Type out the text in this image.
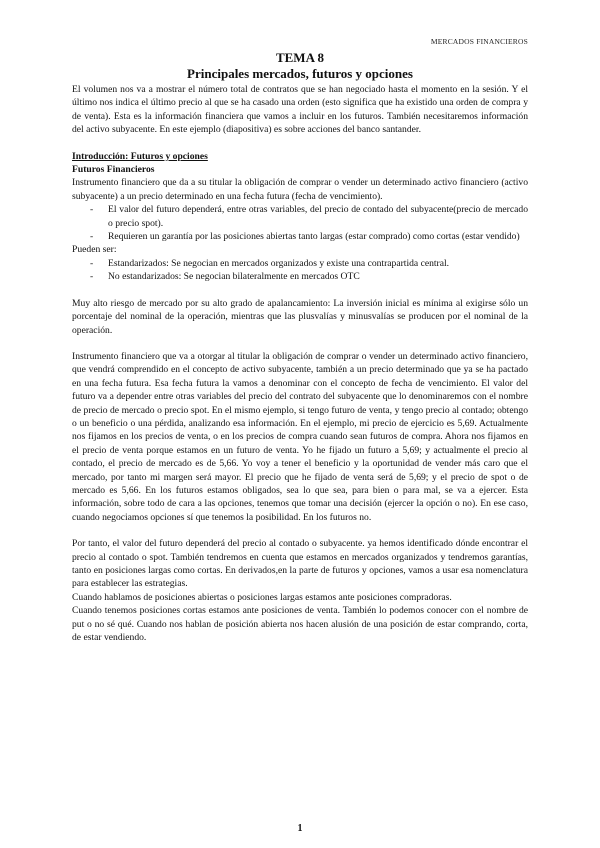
MERCADOS FINANCIEROS
TEMA 8
Principales mercados, futuros y opciones

El volumen nos va a mostrar el número total de contratos que se han negociado hasta el momento en la sesión. Y el último nos indica el último precio al que se ha casado una orden (esto significa que ha existido una orden de compra y de venta). Esta es la información financiera que vamos a incluir en los futuros. También necesitaremos información del activo subyacente. En este ejemplo (diapositiva) es sobre acciones del banco santander.

Introducción: Futuros y opciones

Futuros Financieros

Instrumento financiero que da a su titular la obligación de comprar o vender un determinado activo financiero (activo subyacente) a un precio determinado en una fecha futura (fecha de vencimiento).

- El valor del futuro dependerá, entre otras variables, del precio de contado del subyacente(precio de mercado o precio spot).
- Requieren un garantía por las posiciones abiertas tanto largas (estar comprado) como cortas (estar vendido)

Pueden ser:

- Estandarizados: Se negocian en mercados organizados y existe una contrapartida central.
- No estandarizados: Se negocian bilateralmente en mercados OTC

Muy alto riesgo de mercado por su alto grado de apalancamiento: La inversión inicial es mínima al exigirse sólo un porcentaje del nominal de la operación, mientras que las plusvalías y minusvalías se producen por el nominal de la operación.

Instrumento financiero que va a otorgar al titular la obligación de comprar o vender un determinado activo financiero, que vendrá comprendido en el concepto de activo subyacente, también a un precio determinado que ya se ha pactado en una fecha futura. Esa fecha futura la vamos a denominar con el concepto de fecha de vencimiento. El valor del futuro va a depender entre otras variables del precio del contrato del subyacente que lo denominaremos con el nombre de precio de mercado o precio spot. En el mismo ejemplo, si tengo futuro de venta, y tengo precio al contado; obtengo o un beneficio o una pérdida, analizando esa información. En el ejemplo, mi precio de ejercicio es 5,69. Actualmente nos fijamos en los precios de venta, o en los precios de compra cuando sean futuros de compra. Ahora nos fijamos en el precio de venta porque estamos en un futuro de venta. Yo he fijado un futuro a 5,69; y actualmente el precio al contado, el precio de mercado es de 5,66. Yo voy a tener el beneficio y la oportunidad de vender más caro que el mercado, por tanto mi margen será mayor. El precio que he fijado de venta será de 5,69; y el precio de spot o de mercado es 5,66. En los futuros estamos obligados, sea lo que sea, para bien o para mal, se va a ejercer. Esta información, sobre todo de cara a las opciones, tenemos que tomar una decisión (ejercer la opción o no). En ese caso, cuando negociamos opciones sí que tenemos la posibilidad. En los futuros no.

Por tanto, el valor del futuro dependerá del precio al contado o subyacente. ya hemos identificado dónde encontrar el precio al contado o spot. También tendremos en cuenta que estamos en mercados organizados y tendremos garantías, tanto en posiciones largas como cortas. En derivados,en la parte de futuros y opciones, vamos a usar esa nomenclatura para establecer las estrategias.

Cuando hablamos de posiciones abiertas o posiciones largas estamos ante posiciones compradoras.

Cuando tenemos posiciones cortas estamos ante posiciones de venta. También lo podemos conocer con el nombre de put o no sé qué. Cuando nos hablan de posición abierta nos hacen alusión de una posición de estar comprando, corta, de estar vendiendo.

1
